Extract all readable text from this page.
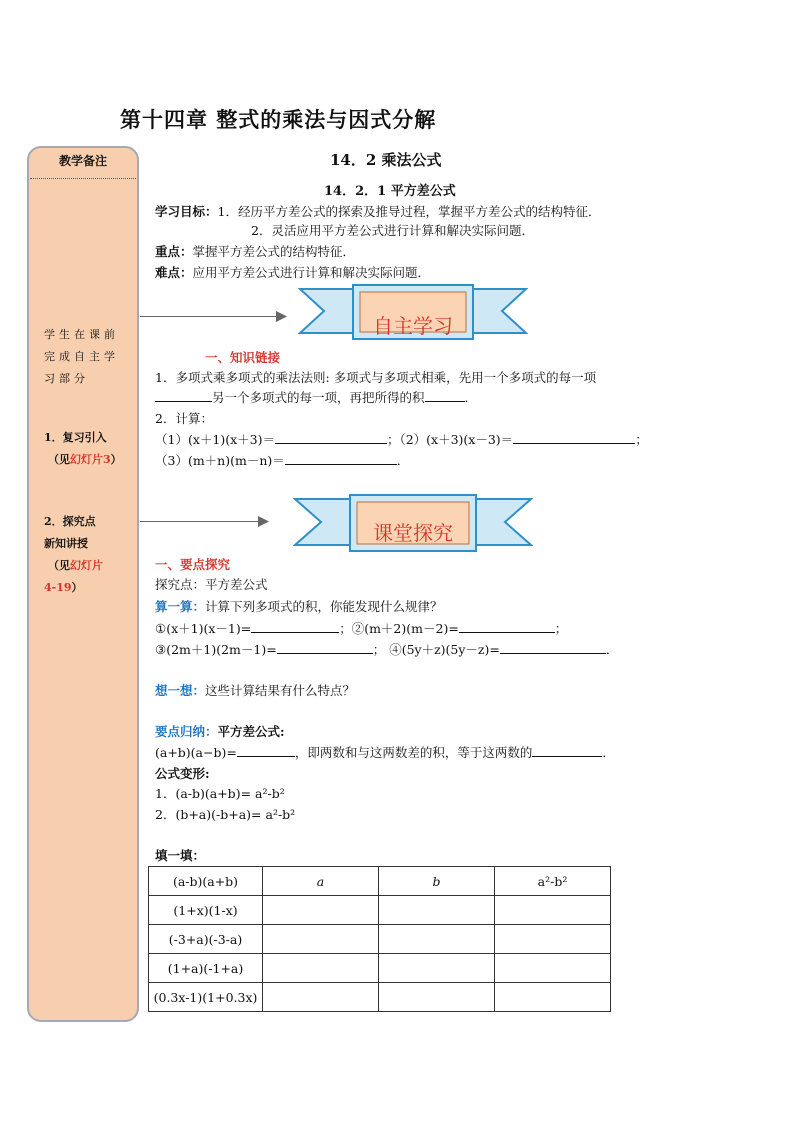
第十四章 整式的乘法与因式分解
教学备注
学生在课前
完成自主学
习部分
1．复习引入
（见幻灯片3）
2．探究点
新知讲授
（见幻灯片
4-19）
14．2 乘法公式
14．2．1 平方差公式
学习目标：1．经历平方差公式的探索及推导过程，掌握平方差公式的结构特征．
2．灵活应用平方差公式进行计算和解决实际问题．
重点：掌握平方差公式的结构特征．
难点：应用平方差公式进行计算和解决实际问题．
自主学习
一、知识链接
1．多项式乘多项式的乘法法则: 多项式与多项式相乘，先用一个多项式的每一项
另一个多项式的每一项，再把所得的积	．
2．计算：
（1）(x＋1)(x＋3)＝	；（2）(x＋3)(x－3)＝	；
（3）(m＋n)(m－n)＝	．
课堂探究
一、要点探究
探究点：平方差公式
算一算：计算下列多项式的积，你能发现什么规律？
①(x＋1)(x－1)=	；②(m＋2)(m－2)=	；
③(2m＋1)(2m－1)=	； ④(5y＋z)(5y－z)=	．
想一想：这些计算结果有什么特点？
要点归纳：平方差公式:
(a+b)(a−b)=	，即两数和与这两数差的积，等于这两数的	．
公式变形:
1．(a-b)(a+b)= a²-b²
2．(b+a)(-b+a)= a²-b²
填一填：
(a-b)(a+b)	a	b	a²-b²
(1+x)(1-x)			
(-3+a)(-3-a)			
(1+a)(-1+a)			
(0.3x-1)(1+0.3x)			
